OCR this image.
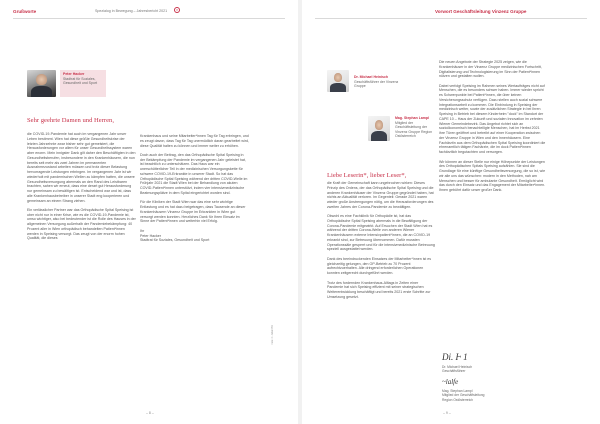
Grußworte	Spezialog in Bewegung – Jahresbericht 2021	×
Peter Hacker
Stadtrat für Soziales, Gesundheit und Sport
Sehr geehrte Damen und Herren,

die COVID-19-Pandemie hat auch im vergangenen Jahr unser Leben bestimmt. Wien hat diese größte Gesundheitskrise der letzten Jahrzehnte zwar bisher sehr gut gemeistert, die Herausforderungen vor allem für unser Gesundheitssystem waren aber enorm. Mein innigster Dank gilt daher den Beschäftigten in den Gesundheitsberufen, insbesondere in den Krankenhäusern, die nun bereits seit mehr als zwei Jahren im permanenten Ausnahmezustand arbeiten müssen und trotz dieser Belastung hervorragende Leistungen erbringen. Im vergangenen Jahr ist wir wiederholt mit pandemischen Wellen zu kämpfen hatten, die unsere Gesundheitsversorgung abermals an den Rand des Leistbaren brachten, sahen wir erneut, dass eine derart gut Herausforderung nur gemeinsam zu bewältigen ist. Entscheidend war und ist, dass alle Krankenhausbetreiber in unserer Stadt eng kooperieren und gemeinsam an einem Strang ziehen.

Ein verlässlicher Partner war das Orthopädische Spital Speising ist uber nicht nur in einer Krise, wie es die COVID-19-Pandemie ist, umso wichtiger, also bei bedeutender ist die Rolle des Hauses in der allgemeinen Versorgung außerhalb der Pandemiebekämpfung: 40 Prozent aller in Wien orthopädisch behandelten Patient*innen werden in Speising versorgt. Das zeugt von der enorm hohen Qualität, die dieses

Krankenhaus und seine Mitarbeiter*innen Tag für Tag erbringen, und es zeugt davon, dass Tag für Tag unermüdlich daran gearbeitet wird, diese Qualität halten zu können und immer weiter zu erhöhen.

Doch auch der Beitrag, den das Orthopädische Spital Speising in der Bekämpfung der Pandemie im vergangenen Jahr geleistet hat, ist beachtlich zu unterschätzen. Das Haus war ein unerschütterlicher Teil in der medizinischen Versorgungskette für schwere COVID-19-Erkrankte in unserer Stadt. So hat das Orthopädische Spital Speising während der dritten COVID-Welle im Frühjahr 2021 die Stadt Wien bei der Behandlung von akuten COVID-Patient*innen unterstützt, indem vier intensivmedizinische Beatmungsplätze in dem Spital eingerichtet worden sind.

Für die Kliniken der Stadt Wien war das eine sehr wichtige Entlastung und es hat dazu beigetragen, dass Tausende an dieser Krankenhäusern Vinzenz Gruppe im Erkrankten in Wien gut versorgt werden konnten. Herzliches Dank für Ihren Einsatz im Sinne der Patient*innen und weiterhin viel Erfolg.

Ihr

Peter Hacker
Stadtrat für Soziales, Gesundheit und Sport

Foto: C. Jobst/PID
– 8 –
Vorwort Geschäftsleitung Vinzenz Gruppe
Dr. Michael Heinisch
Geschäftsführer der Vinzenz Gruppe
Mag. Stephan Lampl
Mitglied der Geschäftsleitung der Vinzenz Gruppe Region Ostösterreich
Liebe Leserin*, lieber Leser*,

die Kraft der Gemeinschaft kann ungebrochen wirken: Dieses Prinzip des Ordens, der das Orthopädische Spital Speising und die anderen Krankenhäuser der Vinzenz Gruppe gegründet haben, hat nichts an Aktualität verloren. Im Gegenteil: Gerade 2021 waren wieder große Anstrengungen nötig, um die Herausforderungen des zweiten Jahres der Corona-Pandemie zu bewältigen.

Obwohl es eine Fachklinik für Orthopädie ist, hat das Orthopädische Spital Speising abermals in die Bewältigung der Corona-Pandemie mitgewirkt. Auf Ersuchen der Stadt Wien hat es während der dritten Corona-Welle von anderen Wiener Krankenhäusern externe Intensivpatient*innen, die an COVID-19 erkrankt sind, zur Betreuung übernommen. Dafür mussten Operationssäle gesperrt und für die intensivmedizinische Betreuung speziell ausgestattet werden.

Dank des beeindruckenden Einsatzes der Mitarbeiter*innen ist es gleichzeitig gelungen, den OP-Betrieb zu 70 Prozent aufrechtzuerhalten. Alle dringend erforderlichen Operationen konnten zeitgerecht durchgeführt werden.

Trotz des fordernden Krankenhaus-Alltags in Zeiten einer Pandemie hat sich Speising effizient mit seiner strategischen Weiterentwicklung beschäftigt und bereits 2021 erste Schritte zur Umsetzung gesetzt.

Die neuen Angebote der Strategie 2025 zeigen, wie die Krankenhäuser in der Vinzenz Gruppe medizinischen Fortschritt, Digitalisierung und Technologisierung im Sinn der Patient*innen nützen und gestalten wollen.

Dabei verfolgt Speising im Rahmen seines Wertaufträges nicht auf Menschen, die es besonders schwer haben. Immer wieder spricht es Schwerpunkte bei Patient*innen, die über keinen Versicherungsschutz verfügen. Dazu stellen auch sozial schwere Integrationsarbeit zu kommen. Die Einbindung in Speising der medizinisch weiter, sowie der zusätzlichen Strategie in bei Ihren Speising in Betrieb bei diesem Kinderheim "dock" im Standort der CAPE 10 – Haus der Zukunft und sozialen Innovation im zehnten Wiener Gemeindebezirk. Das Angebot richtet sich an sozioökonomisch benachteiligte Menschen, hat im Herbst 2021 ihre Türen geöffnet und betreibt auf einer Kooperation zwischen der Vinzenz Gruppe in Wien und den Innenhäusern. Eine Fachärztin aus dem Orthopädischen Spital Speising koordiniert die ehrenamtlich tätigen Fachärzte, die im dock Patient*innen fachärztlich begutachten und versorgen.

Wir können an dieser Stelle nur einige Höhepunkte der Leistungen des Orthopädischen Spitals Speising aufzählen. Sie sind die Grundlage für eine künftige Gesundheitsversorgung, die so ist, wie wir alle uns das wünschen: modern in den Methoden, nah am Menschen und besser für ambulante Gesundheit. Ermöglicht wird das durch den Einsatz und das Engagement der Mitarbeiter*innen. Ihnen gebührt dafür unser großer Dank.

Di. Ⱶ 1
Dr. Michael Heinisch
Geschäftsführer
~lalfe
Mag. Stephan Lampl
Mitglied der Geschäftsleitung
Region Ostösterreich
– 9 –
